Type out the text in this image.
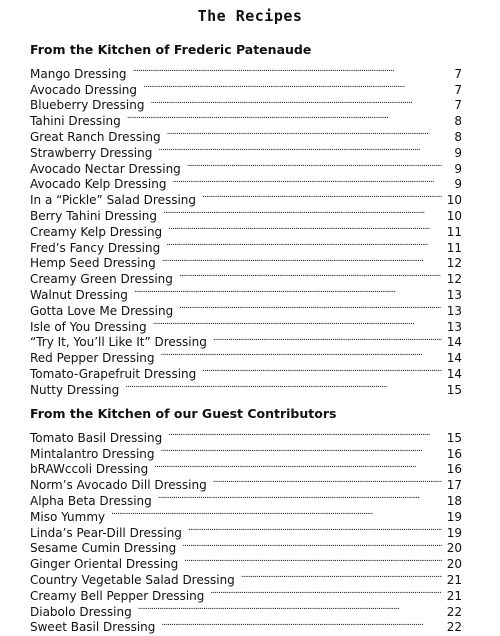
The Recipes
From the Kitchen of Frederic Patenaude
Mango Dressing . . .	7
Avocado Dressing . . .	7
Blueberry Dressing . . .	7
Tahini Dressing . . .	8
Great Ranch Dressing . . .	8
Strawberry Dressing . . .	9
Avocado Nectar Dressing . . .	9
Avocado Kelp Dressing . . .	9
In a “Pickle” Salad Dressing . . .	10
Berry Tahini Dressing . . .	10
Creamy Kelp Dressing . . .	11
Fred’s Fancy Dressing . . .	11
Hemp Seed Dressing . . .	12
Creamy Green Dressing . . .	12
Walnut Dressing . . .	13
Gotta Love Me Dressing . . .	13
Isle of You Dressing . . .	13
“Try It, You’ll Like It” Dressing . . .	14
Red Pepper Dressing . . .	14
Tomato-Grapefruit Dressing . . .	14
Nutty Dressing . . .	15
From the Kitchen of our Guest Contributors
Tomato Basil Dressing . . .	15
Mintalantro Dressing . . .	16
bRAWccoli Dressing . . .	16
Norm’s Avocado Dill Dressing . . .	17
Alpha Beta Dressing . . .	18
Miso Yummy . . .	19
Linda’s Pear-Dill Dressing . . .	19
Sesame Cumin Dressing . . .	20
Ginger Oriental Dressing . . .	20
Country Vegetable Salad Dressing . . .	21
Creamy Bell Pepper Dressing . . .	21
Diabolo Dressing . . .	22
Sweet Basil Dressing . . .	22
